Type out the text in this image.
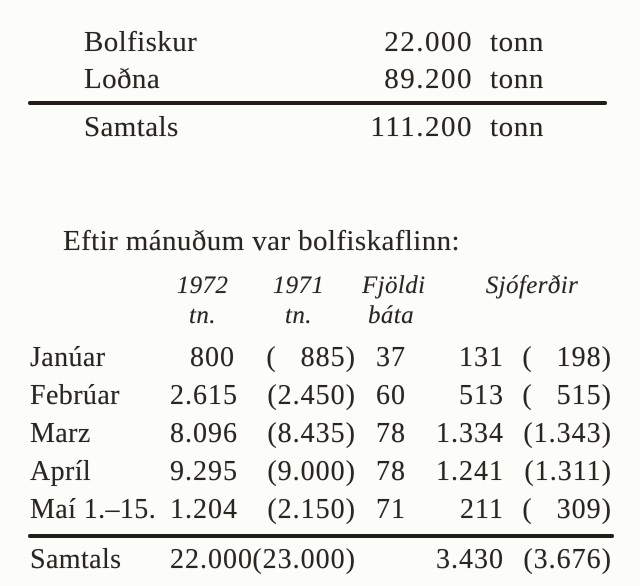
Bolfiskur	22.000 tonn
Loðna	89.200 tonn
Samtals	111.200 tonn

Eftir mánuðum var bolfiskaflinn:

1972	1971	Fjöldi	Sjóferðir
tn.	tn.	báta
Janúar	800	(   885) 37	131 (   198)
Febrúar	2.615	(2.450) 60	513 (   515)
Marz	8.096	(8.435) 78	1.334 (1.343)
Apríl	9.295	(9.000) 78	1.241 (1.311)
Maí 1.–15. 1.204	(2.150) 71	211 (   309)
Samtals	22.000 (23.000)	3.430 (3.676)
